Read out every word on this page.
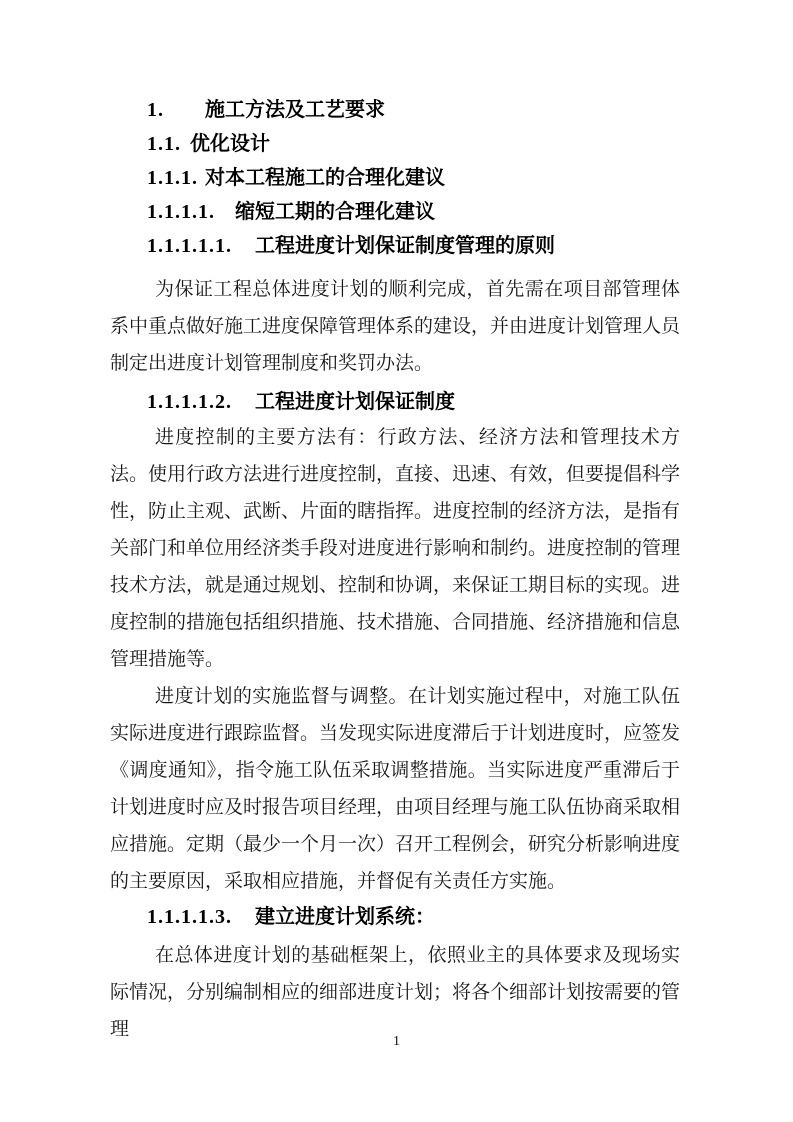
1. 施工方法及工艺要求
1.1. 优化设计
1.1.1. 对本工程施工的合理化建议
1.1.1.1. 缩短工期的合理化建议
1.1.1.1.1. 工程进度计划保证制度管理的原则

为保证工程总体进度计划的顺利完成，首先需在项目部管理体系中重点做好施工进度保障管理体系的建设，并由进度计划管理人员制定出进度计划管理制度和奖罚办法。

1.1.1.1.2. 工程进度计划保证制度

进度控制的主要方法有：行政方法、经济方法和管理技术方法。使用行政方法进行进度控制，直接、迅速、有效，但要提倡科学性，防止主观、武断、片面的瞎指挥。进度控制的经济方法，是指有关部门和单位用经济类手段对进度进行影响和制约。进度控制的管理技术方法，就是通过规划、控制和协调，来保证工期目标的实现。进度控制的措施包括组织措施、技术措施、合同措施、经济措施和信息管理措施等。

进度计划的实施监督与调整。在计划实施过程中，对施工队伍实际进度进行跟踪监督。当发现实际进度滞后于计划进度时，应签发《调度通知》，指令施工队伍采取调整措施。当实际进度严重滞后于计划进度时应及时报告项目经理，由项目经理与施工队伍协商采取相应措施。定期（最少一个月一次）召开工程例会，研究分析影响进度的主要原因，采取相应措施，并督促有关责任方实施。

1.1.1.1.3. 建立进度计划系统：

在总体进度计划的基础框架上，依照业主的具体要求及现场实际情况，分别编制相应的细部进度计划；将各个细部计划按需要的管理

1
